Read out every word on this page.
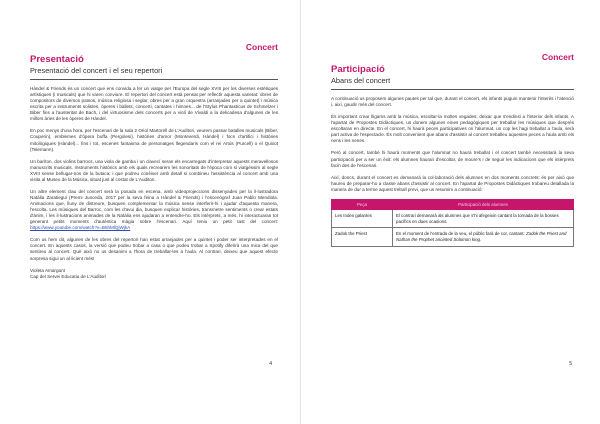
Concert

Presentació

Presentació del concert i el seu repertori

Hàndel & Friends és un concert que ens convida a fer un viatge per l'Europa del segle XVIII per les diverses estètiques artístiques (i musicals) que hi varen conviure. El repertori del concert està pensat per reflectir aquesta varietat: obres de compositors de diversos països, música religiosa i seglar, obres per a gran orquestra (arranjades per a quintet) i música escrita per a instruments solistes, òperes i ballets, concerti, cantates i himnes... de l'Stylus Phantasticus de Schmelzer i Biber fins a l'austeritat de Bach, i del virtuosisme dels concerts per a violí de Vivaldi a la delicadesa d'algunes de les millors àries de les òperes de Hàndel.

En poc menys d'una hora, per l'escenari de la sala 2 Oriol Martorell de L'Auditori, veurem passar batalles musicals (Biber, Couperin), emblemes d'òpera buffa (Pergolesi), històries d'amor (Monteverdi, Hàndel) i focs d'artifici i històries mitològiques (Hàndel)... fins i tot, escenes fantasma de personatges llegendaris com el rei Artús (Purcell) o el Quixot (Telemann).

Un baríton, dos violins barrocs, una viola de gamba i un clavecí seran els encarregats d'interpretar aquests meravellosos manuscrits musicals. Instruments històrics amb els quals recrearem les sonoritats de l'època com si viatgéssim al segle XVIII sense bellugar-nos de la butaca; i que podreu conèixer amb detall si combineu l'assistència al concert amb una visita al Museu de la Música, situat just al costat de L'Auditori.

Un altre element clau del concert serà la posada en escena, amb videoprojeccions dissenyades per la il·lustradora Natàlia Zaratiegui (Premi Junceda, 2017 per la seva feina a Hàndel & Friends) i l'escenògraf Juan Pablo Mendiola. Animacions que, lluny de distreure, busquen complementar la música sense interferir-hi i ajudar d'aquesta manera, l'escolta. Les músiques del Barroc, com les d'avui dia, busquen explicar històries, transmetre sentiments o crear estats d'ànim, i les il·lustracions animades de la Natàlia ens ajudaran a entendre-ho. Els intèrprets, a més, hi interactuaran tot generant petits moments d'autèntica màgia sobre l'escenari. Aquí teniu un petit tast del concert: https://www.youtube.com/watch?v=B5hMlQjWjkA

Com us hem dit, algunes de les obres del repertori han estat arranjades per a quintet i poder ser interpretades en el concert. En aquests casos, la versió que podeu trobar a casa o que podeu trobar a Spotify diferirà una mica del que sentireu al concert. Què això no us desanimi a l'hora de treballar-les a l'aula. Al contrari, deixeu que aquest efecte sorpresa sigui un al·licient més!

Violeta Amargant

Cap del Servei Educatiu de L'Auditori

4

Concert

Participació

Abans del concert

A continuació us proposem algunes pautes per tal que, durant el concert, els infants puguin mantenir l'interès i l'atenció i, així, gaudir més del concert.

És important crear lligams amb la música, escoltar-la moltes vegades; deixar que s'endinsi a l'interior dels infants. A l'apartat de Propostes Didàctiques, us donem algunes eines pedagògiques per treballar les músiques que després escoltaran en directe. En el concert, hi haurà peces participatives on l'alumnat, un cop les hagi treballat a l'aula, serà part activa de l'espectacle. És molt convenient que abans d'assistir al concert treballeu aquestes peces a l'aula amb els nens i les nenes.

Però al concert, també hi haurà moments que l'alumnat no haurà treballat i el concert també necessitarà la seva participació per a ser un èxit: els alumnes hauran d'escoltar, de moure's i de seguir les indicacions que els intèrprets facin des de l'escenari.

Així, doncs, durant el concert es demanarà la col·laboració dels alumnes en dos moments concrets: és per això que haureu de preparar-ho a classe abans d'assistir al concert. En l'apartat de Propostes Didàctiques trobareu detallada la manera de dur a terme aquest treball previ, que us resumim a continuació:

Peça	Participació dels alumnes
Les Indes galantes	El contrari demanarà als alumnes que s'hi afegeixin cantant la tornada de la bosses pacífics en dues ocasions.
Zadok the Priest	En el moment de l'entrada de la veu, el públic farà de cor, cantant: Zadok the Priest and Nathan the Prophet anointed Solomon king.
5
